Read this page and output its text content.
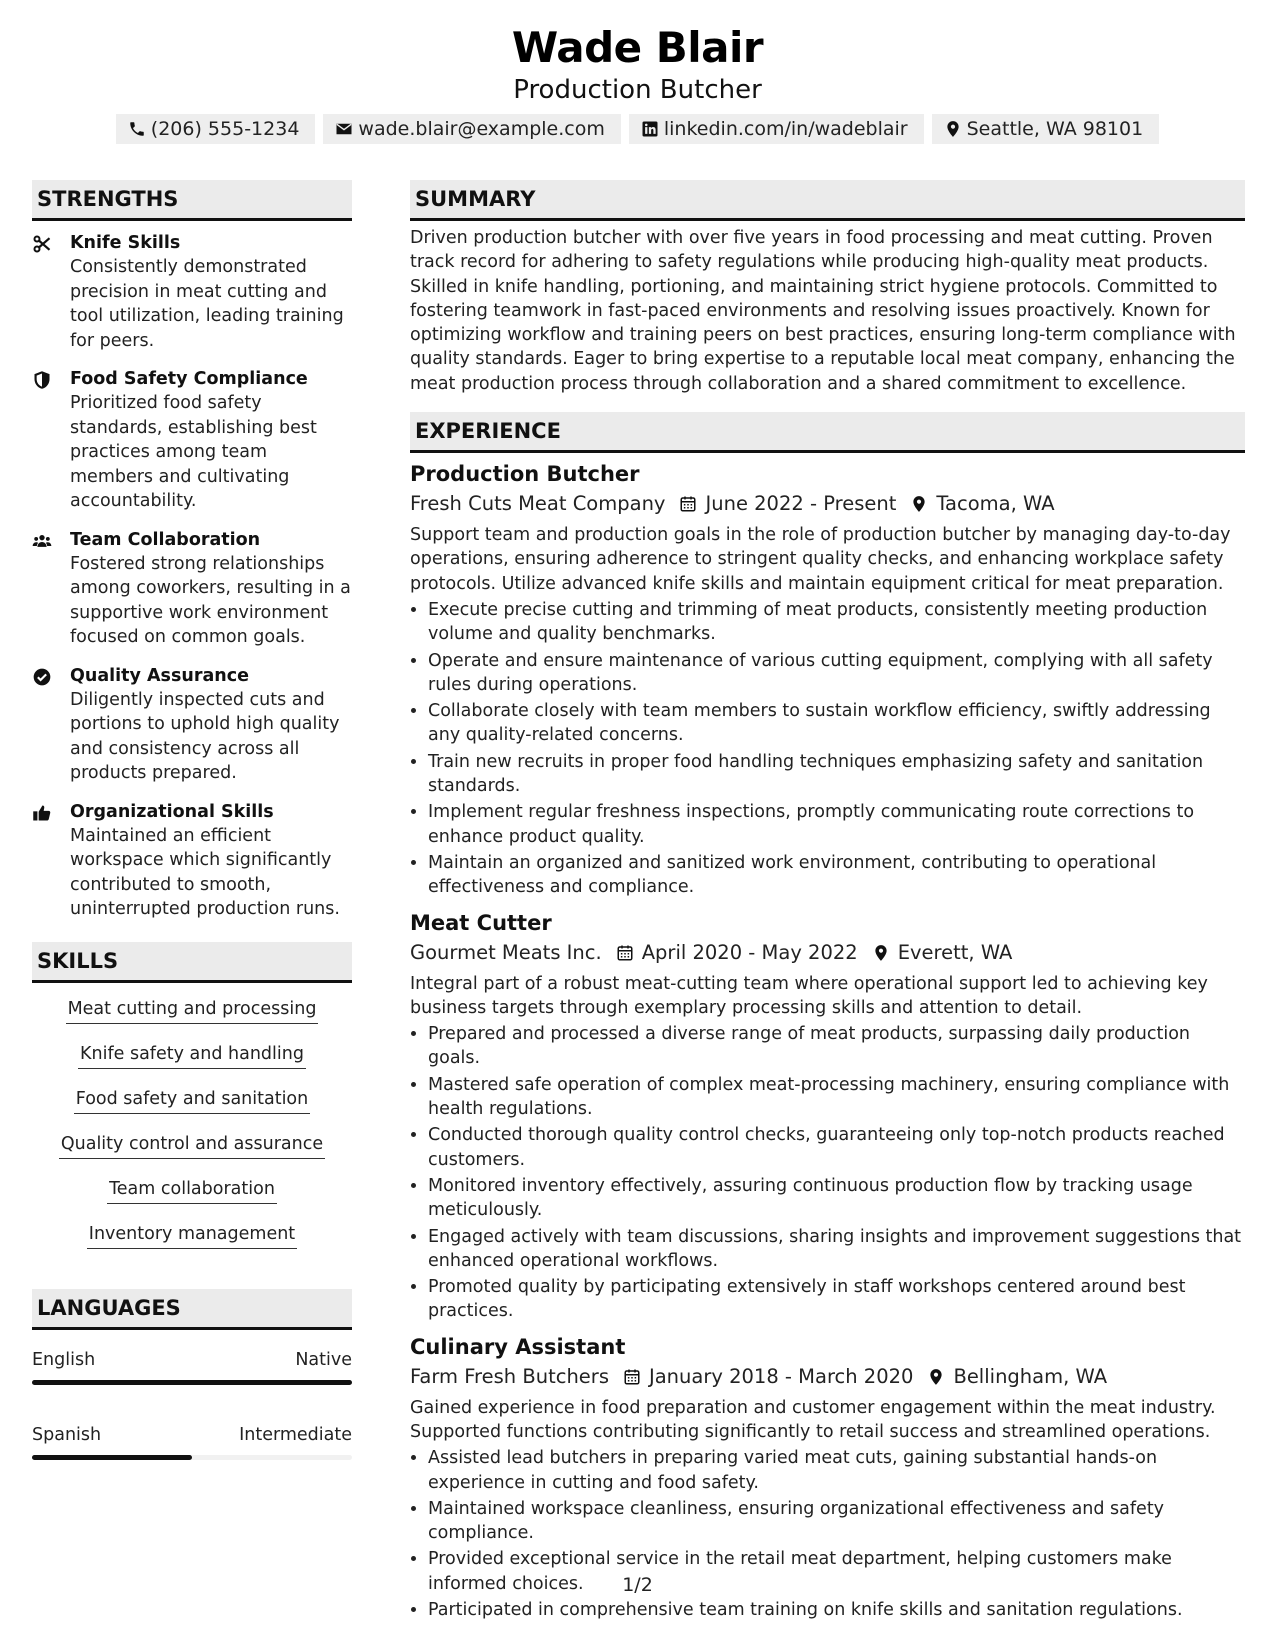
Wade Blair
Production Butcher
(206) 555-1234	wade.blair@example.com	linkedin.com/in/wadeblair	Seattle, WA 98101
STRENGTHS
Knife Skills
Consistently demonstrated precision in meat cutting and tool utilization, leading training for peers.
Food Safety Compliance
Prioritized food safety standards, establishing best practices among team members and cultivating accountability.
Team Collaboration
Fostered strong relationships among coworkers, resulting in a supportive work environment focused on common goals.
Quality Assurance
Diligently inspected cuts and portions to uphold high quality and consistency across all products prepared.
Organizational Skills
Maintained an efficient workspace which significantly contributed to smooth, uninterrupted production runs.
SKILLS
Meat cutting and processing
Knife safety and handling
Food safety and sanitation
Quality control and assurance
Team collaboration
Inventory management
LANGUAGES
English	Native
Spanish	Intermediate
SUMMARY
Driven production butcher with over five years in food processing and meat cutting. Proven track record for adhering to safety regulations while producing high-quality meat products. Skilled in knife handling, portioning, and maintaining strict hygiene protocols. Committed to fostering teamwork in fast-paced environments and resolving issues proactively. Known for optimizing workflow and training peers on best practices, ensuring long-term compliance with quality standards. Eager to bring expertise to a reputable local meat company, enhancing the meat production process through collaboration and a shared commitment to excellence.
EXPERIENCE
Production Butcher
Fresh Cuts Meat Company June 2022 - Present Tacoma, WA
Support team and production goals in the role of production butcher by managing day-to-day operations, ensuring adherence to stringent quality checks, and enhancing workplace safety protocols. Utilize advanced knife skills and maintain equipment critical for meat preparation.
• Execute precise cutting and trimming of meat products, consistently meeting production volume and quality benchmarks.
• Operate and ensure maintenance of various cutting equipment, complying with all safety rules during operations.
• Collaborate closely with team members to sustain workflow efficiency, swiftly addressing any quality-related concerns.
• Train new recruits in proper food handling techniques emphasizing safety and sanitation standards.
• Implement regular freshness inspections, promptly communicating route corrections to enhance product quality.
• Maintain an organized and sanitized work environment, contributing to operational effectiveness and compliance.
Meat Cutter
Gourmet Meats Inc. April 2020 - May 2022 Everett, WA
Integral part of a robust meat-cutting team where operational support led to achieving key business targets through exemplary processing skills and attention to detail.
• Prepared and processed a diverse range of meat products, surpassing daily production goals.
• Mastered safe operation of complex meat-processing machinery, ensuring compliance with health regulations.
• Conducted thorough quality control checks, guaranteeing only top-notch products reached customers.
• Monitored inventory effectively, assuring continuous production flow by tracking usage meticulously.
• Engaged actively with team discussions, sharing insights and improvement suggestions that enhanced operational workflows.
• Promoted quality by participating extensively in staff workshops centered around best practices.
Culinary Assistant
Farm Fresh Butchers January 2018 - March 2020 Bellingham, WA
Gained experience in food preparation and customer engagement within the meat industry. Supported functions contributing significantly to retail success and streamlined operations.
• Assisted lead butchers in preparing varied meat cuts, gaining substantial hands-on experience in cutting and food safety.
• Maintained workspace cleanliness, ensuring organizational effectiveness and safety compliance.
• Provided exceptional service in the retail meat department, helping customers make informed choices.
• Participated in comprehensive team training on knife skills and sanitation regulations.
1/2
